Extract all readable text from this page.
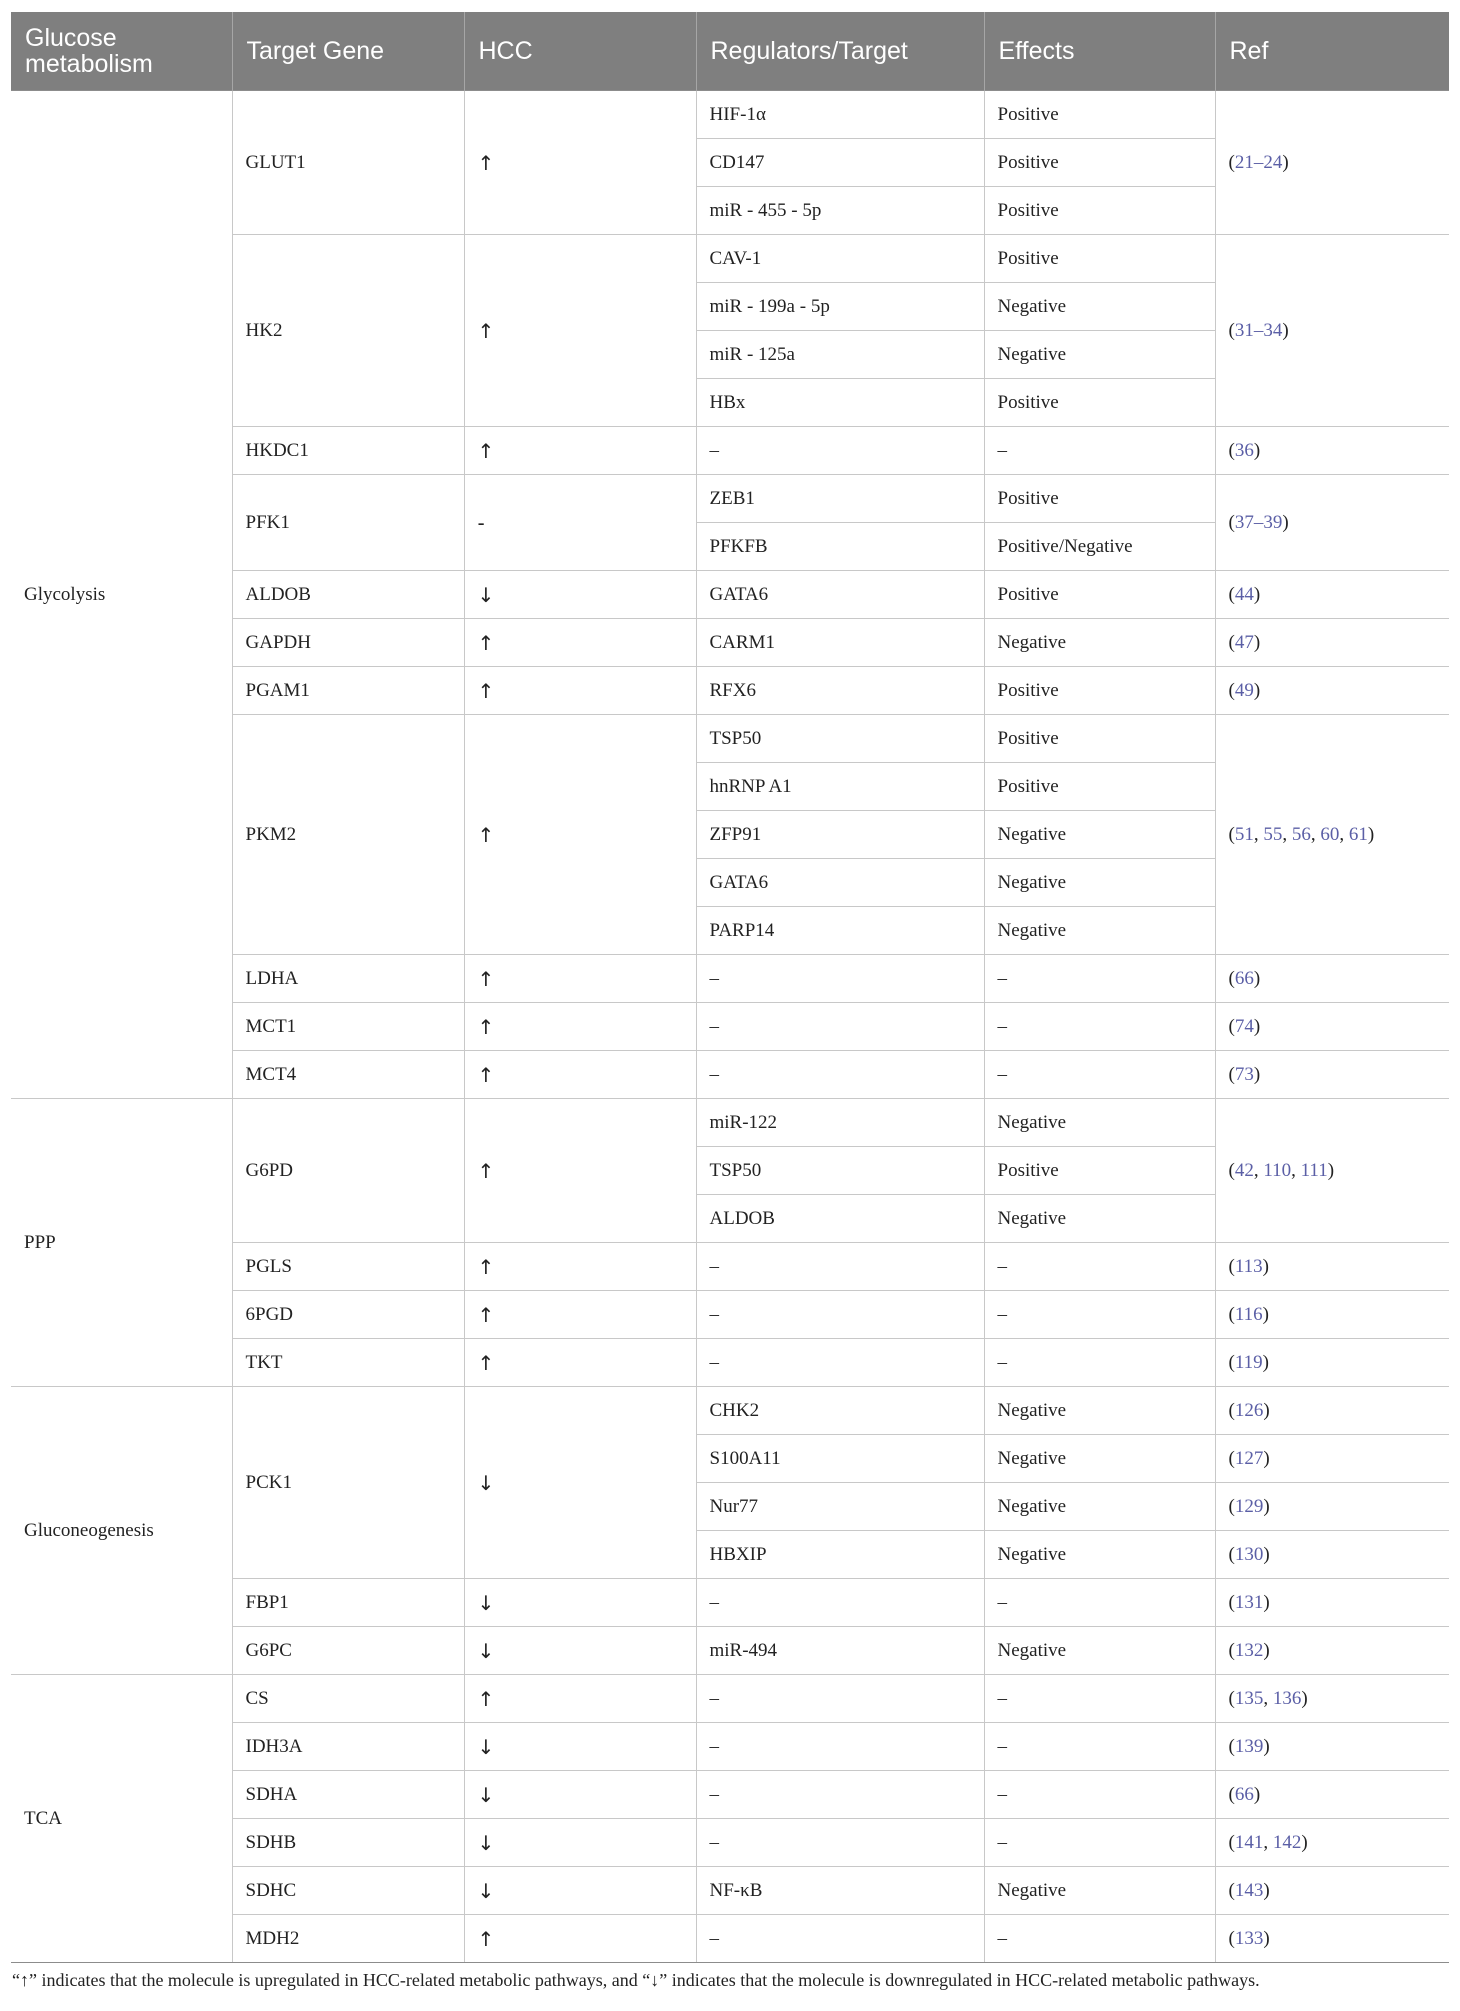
Glucose metabolism	Target Gene	HCC	Regulators/Target	Effects	Ref
Glycolysis	GLUT1	↑	HIF-1α	Positive	(21–24)
			CD147	Positive	
			miR - 455 - 5p	Positive	
	HK2	↑	CAV-1	Positive	(31–34)
			miR - 199a - 5p	Negative	
			miR - 125a	Negative	
			HBx	Positive	
	HKDC1	↑	–	–	(36)
	PFK1	-	ZEB1	Positive	(37–39)
			PFKFB	Positive/Negative	
	ALDOB	↓	GATA6	Positive	(44)
	GAPDH	↑	CARM1	Negative	(47)
	PGAM1	↑	RFX6	Positive	(49)
	PKM2	↑	TSP50	Positive	(51, 55, 56, 60, 61)
			hnRNP A1	Positive	
			ZFP91	Negative	
			GATA6	Negative	
			PARP14	Negative	
	LDHA	↑	–	–	(66)
	MCT1	↑	–	–	(74)
	MCT4	↑	–	–	(73)
PPP	G6PD	↑	miR-122	Negative	(42, 110, 111)
			TSP50	Positive	
			ALDOB	Negative	
	PGLS	↑	–	–	(113)
	6PGD	↑	–	–	(116)
	TKT	↑	–	–	(119)
Gluconeogenesis	PCK1	↓	CHK2	Negative	(126)
			S100A11	Negative	(127)
			Nur77	Negative	(129)
			HBXIP	Negative	(130)
	FBP1	↓	–	–	(131)
	G6PC	↓	miR-494	Negative	(132)
TCA	CS	↑	–	–	(135, 136)
	IDH3A	↓	–	–	(139)
	SDHA	↓	–	–	(66)
	SDHB	↓	–	–	(141, 142)
	SDHC	↓	NF-κB	Negative	(143)
	MDH2	↑	–	–	(133)
“↑” indicates that the molecule is upregulated in HCC-related metabolic pathways, and “↓” indicates that the molecule is downregulated in HCC-related metabolic pathways.
